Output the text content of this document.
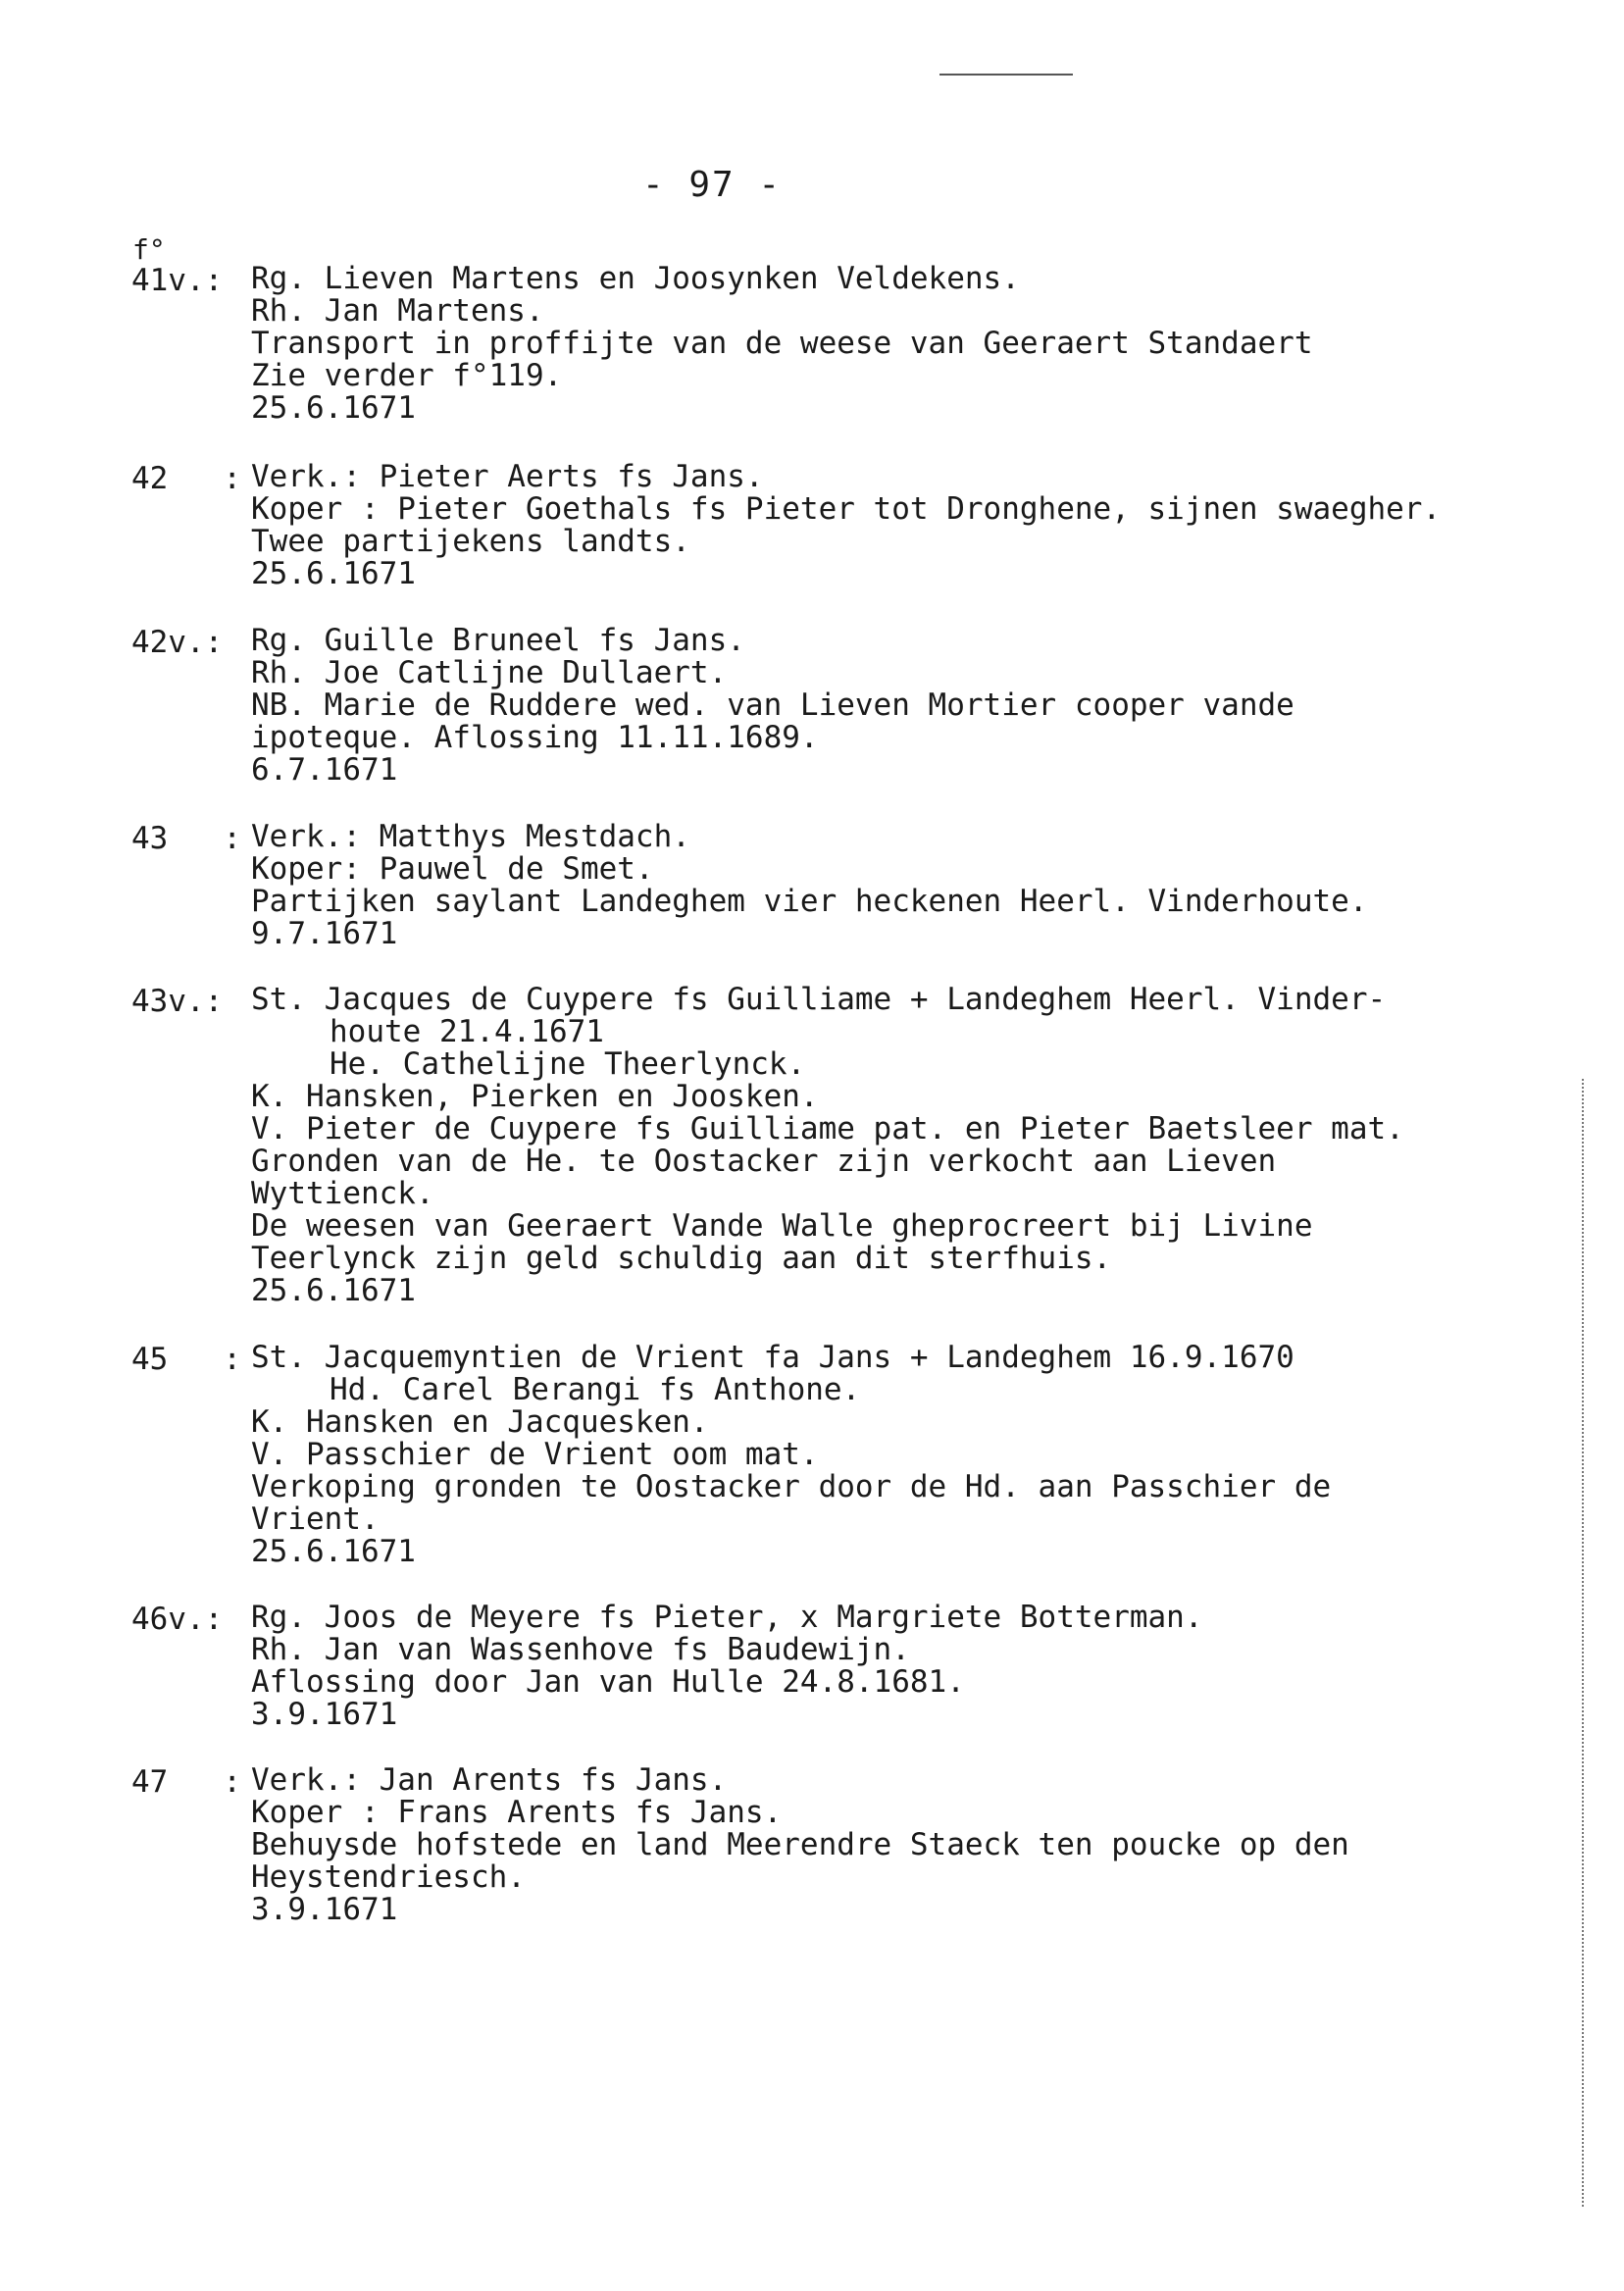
- 97 -
f°
41v.: Rg. Lieven Martens en Joosynken Veldekens.
Rh. Jan Martens.
Transport in proffijte van de weese van Geeraert Standaert
Zie verder f°119.
25.6.1671
42   : Verk.: Pieter Aerts fs Jans.
Koper : Pieter Goethals fs Pieter tot Dronghene, sijnen swaegher.
Twee partijekens landts.
25.6.1671
42v.: Rg. Guille Bruneel fs Jans.
Rh. Joe Catlijne Dullaert.
NB. Marie de Ruddere wed. van Lieven Mortier cooper vande
ipoteque. Aflossing 11.11.1689.
6.7.1671
43   : Verk.: Matthys Mestdach.
Koper: Pauwel de Smet.
Partijken saylant Landeghem vier heckenen Heerl. Vinderhoute.
9.7.1671
43v.: St. Jacques de Cuypere fs Guilliame + Landeghem Heerl. Vinder-
houte 21.4.1671
He. Cathelijne Theerlynck.
K. Hansken, Pierken en Joosken.
V. Pieter de Cuypere fs Guilliame pat. en Pieter Baetsleer mat.
Gronden van de He. te Oostacker zijn verkocht aan Lieven
Wyttienck.
De weesen van Geeraert Vande Walle gheprocreert bij Livine
Teerlynck zijn geld schuldig aan dit sterfhuis.
25.6.1671
45   : St. Jacquemyntien de Vrient fa Jans + Landeghem 16.9.1670
Hd. Carel Berangi fs Anthone.
K. Hansken en Jacquesken.
V. Passchier de Vrient oom mat.
Verkoping gronden te Oostacker door de Hd. aan Passchier de
Vrient.
25.6.1671
46v.: Rg. Joos de Meyere fs Pieter, x Margriete Botterman.
Rh. Jan van Wassenhove fs Baudewijn.
Aflossing door Jan van Hulle 24.8.1681.
3.9.1671
47   : Verk.: Jan Arents fs Jans.
Koper : Frans Arents fs Jans.
Behuysde hofstede en land Meerendre Staeck ten poucke op den
Heystendriesch.
3.9.1671
